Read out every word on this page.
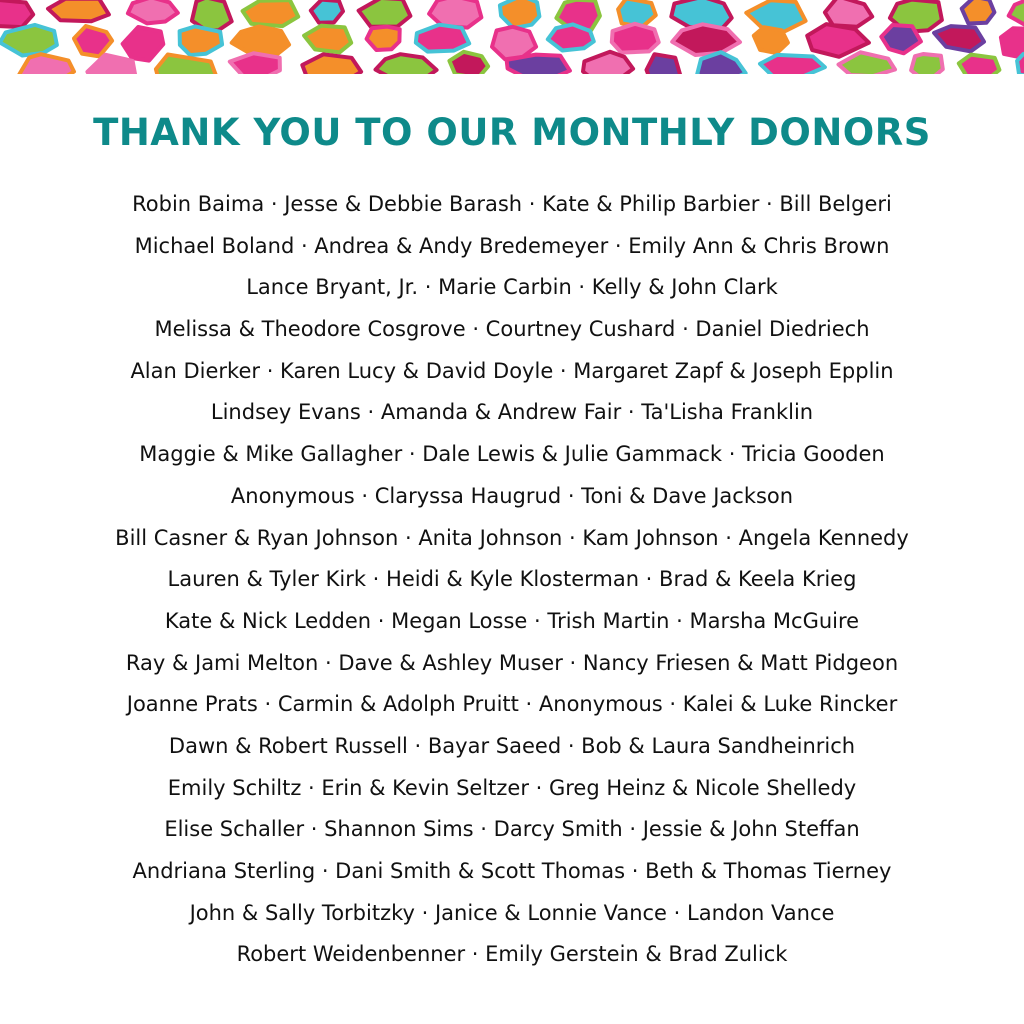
THANK YOU TO OUR MONTHLY DONORS
Robin Baima · Jesse & Debbie Barash · Kate & Philip Barbier · Bill Belgeri
Michael Boland · Andrea & Andy Bredemeyer · Emily Ann & Chris Brown
Lance Bryant, Jr. · Marie Carbin · Kelly & John Clark
Melissa & Theodore Cosgrove · Courtney Cushard · Daniel Diedriech
Alan Dierker · Karen Lucy & David Doyle · Margaret Zapf & Joseph Epplin
Lindsey Evans · Amanda & Andrew Fair · Ta'Lisha Franklin
Maggie & Mike Gallagher · Dale Lewis & Julie Gammack · Tricia Gooden
Anonymous · Claryssa Haugrud · Toni & Dave Jackson
Bill Casner & Ryan Johnson · Anita Johnson · Kam Johnson · Angela Kennedy
Lauren & Tyler Kirk · Heidi & Kyle Klosterman · Brad & Keela Krieg
Kate & Nick Ledden · Megan Losse · Trish Martin · Marsha McGuire
Ray & Jami Melton · Dave & Ashley Muser · Nancy Friesen & Matt Pidgeon
Joanne Prats · Carmin & Adolph Pruitt · Anonymous · Kalei & Luke Rincker
Dawn & Robert Russell · Bayar Saeed · Bob & Laura Sandheinrich
Emily Schiltz · Erin & Kevin Seltzer · Greg Heinz & Nicole Shelledy
Elise Schaller · Shannon Sims · Darcy Smith · Jessie & John Steffan
Andriana Sterling · Dani Smith & Scott Thomas · Beth & Thomas Tierney
John & Sally Torbitzky · Janice & Lonnie Vance · Landon Vance
Robert Weidenbenner · Emily Gerstein & Brad Zulick
